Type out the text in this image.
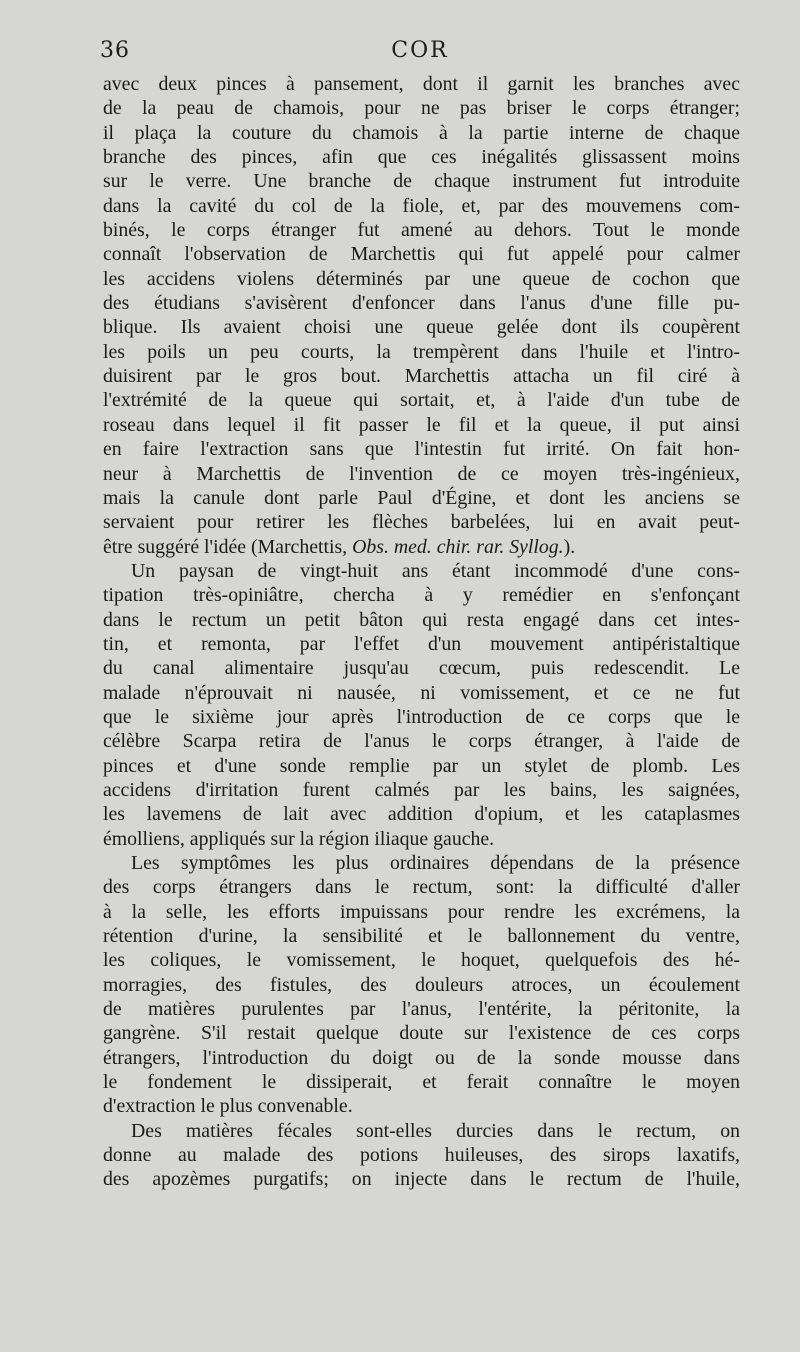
36	COR
avec deux pinces à pansement, dont il garnit les branches avec
de la peau de chamois, pour ne pas briser le corps étranger;
il plaça la couture du chamois à la partie interne de chaque
branche des pinces, afin que ces inégalités glissassent moins
sur le verre. Une branche de chaque instrument fut introduite
dans la cavité du col de la fiole, et, par des mouvemens com-
binés, le corps étranger fut amené au dehors. Tout le monde
connaît l'observation de Marchettis qui fut appelé pour calmer
les accidens violens déterminés par une queue de cochon que
des étudians s'avisèrent d'enfoncer dans l'anus d'une fille pu-
blique. Ils avaient choisi une queue gelée dont ils coupèrent
les poils un peu courts, la trempèrent dans l'huile et l'intro-
duisirent par le gros bout. Marchettis attacha un fil ciré à
l'extrémité de la queue qui sortait, et, à l'aide d'un tube de
roseau dans lequel il fit passer le fil et la queue, il put ainsi
en faire l'extraction sans que l'intestin fut irrité. On fait hon-
neur à Marchettis de l'invention de ce moyen très-ingénieux,
mais la canule dont parle Paul d'Égine, et dont les anciens se
servaient pour retirer les flèches barbelées, lui en avait peut-
être suggéré l'idée (Marchettis, Obs. med. chir. rar. Syllog.).
Un paysan de vingt-huit ans étant incommodé d'une cons-
tipation très-opiniâtre, chercha à y remédier en s'enfonçant
dans le rectum un petit bâton qui resta engagé dans cet intes-
tin, et remonta, par l'effet d'un mouvement antipéristaltique
du canal alimentaire jusqu'au cœcum, puis redescendit. Le
malade n'éprouvait ni nausée, ni vomissement, et ce ne fut
que le sixième jour après l'introduction de ce corps que le
célèbre Scarpa retira de l'anus le corps étranger, à l'aide de
pinces et d'une sonde remplie par un stylet de plomb. Les
accidens d'irritation furent calmés par les bains, les saignées,
les lavemens de lait avec addition d'opium, et les cataplasmes
émolliens, appliqués sur la région iliaque gauche.
Les symptômes les plus ordinaires dépendans de la présence
des corps étrangers dans le rectum, sont: la difficulté d'aller
à la selle, les efforts impuissans pour rendre les excrémens, la
rétention d'urine, la sensibilité et le ballonnement du ventre,
les coliques, le vomissement, le hoquet, quelquefois des hé-
morragies, des fistules, des douleurs atroces, un écoulement
de matières purulentes par l'anus, l'entérite, la péritonite, la
gangrène. S'il restait quelque doute sur l'existence de ces corps
étrangers, l'introduction du doigt ou de la sonde mousse dans
le fondement le dissiperait, et ferait connaître le moyen
d'extraction le plus convenable.
Des matières fécales sont-elles durcies dans le rectum, on
donne au malade des potions huileuses, des sirops laxatifs,
des apozèmes purgatifs; on injecte dans le rectum de l'huile,
